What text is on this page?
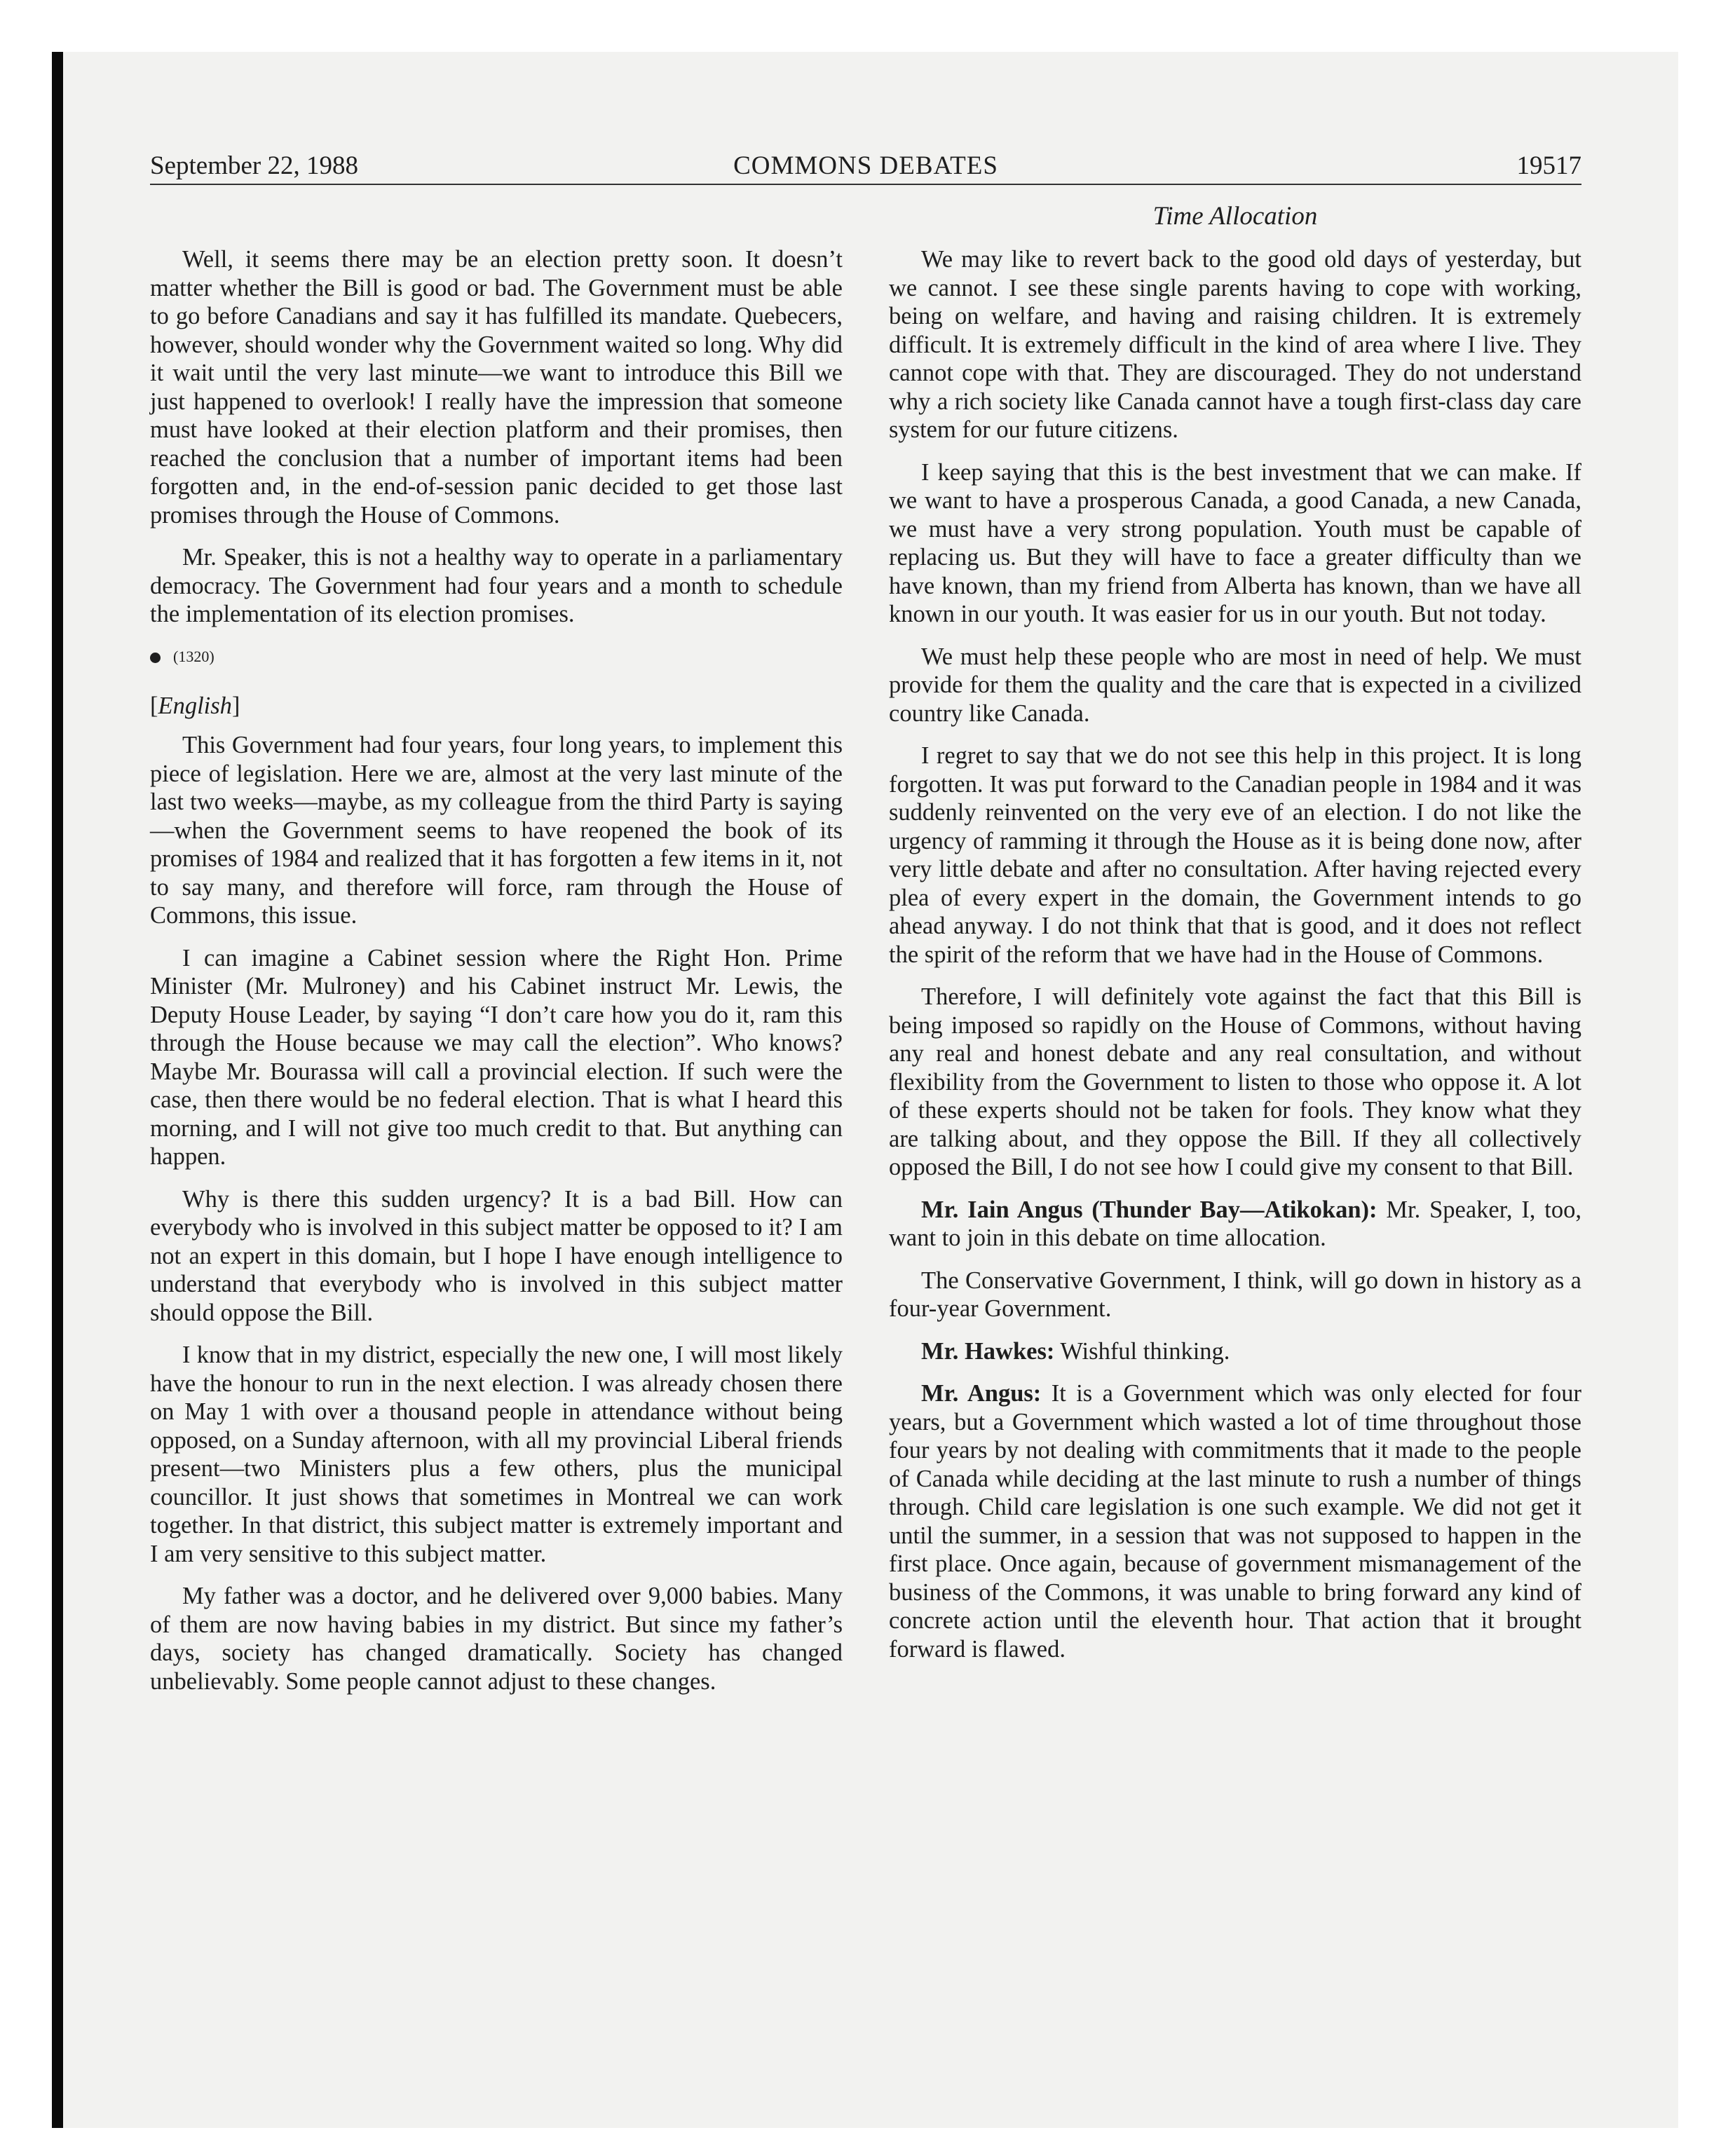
September 22, 1988	COMMONS DEBATES	19517
Time Allocation

Well, it seems there may be an election pretty soon. It doesn’t matter whether the Bill is good or bad. The Government must be able to go before Canadians and say it has fulfilled its mandate. Quebecers, however, should wonder why the Government waited so long. Why did it wait until the very last minute—we want to introduce this Bill we just happened to overlook! I really have the impression that someone must have looked at their election platform and their promises, then reached the conclusion that a number of important items had been forgotten and, in the end-of-session panic decided to get those last promises through the House of Commons.

Mr. Speaker, this is not a healthy way to operate in a parliamentary democracy. The Government had four years and a month to schedule the implementation of its election promises.

(1320)

[English]

This Government had four years, four long years, to implement this piece of legislation. Here we are, almost at the very last minute of the last two weeks—maybe, as my colleague from the third Party is saying—when the Government seems to have reopened the book of its promises of 1984 and realized that it has forgotten a few items in it, not to say many, and therefore will force, ram through the House of Commons, this issue.

I can imagine a Cabinet session where the Right Hon. Prime Minister (Mr. Mulroney) and his Cabinet instruct Mr. Lewis, the Deputy House Leader, by saying “I don’t care how you do it, ram this through the House because we may call the election”. Who knows? Maybe Mr. Bourassa will call a provincial election. If such were the case, then there would be no federal election. That is what I heard this morning, and I will not give too much credit to that. But anything can happen.

Why is there this sudden urgency? It is a bad Bill. How can everybody who is involved in this subject matter be opposed to it? I am not an expert in this domain, but I hope I have enough intelligence to understand that everybody who is involved in this subject matter should oppose the Bill.

I know that in my district, especially the new one, I will most likely have the honour to run in the next election. I was already chosen there on May 1 with over a thousand people in attendance without being opposed, on a Sunday afternoon, with all my provincial Liberal friends present—two Ministers plus a few others, plus the municipal councillor. It just shows that sometimes in Montreal we can work together. In that district, this subject matter is extremely important and I am very sensitive to this subject matter.

My father was a doctor, and he delivered over 9,000 babies. Many of them are now having babies in my district. But since my father’s days, society has changed dramatically. Society has changed unbelievably. Some people cannot adjust to these changes.

We may like to revert back to the good old days of yesterday, but we cannot. I see these single parents having to cope with working, being on welfare, and having and raising children. It is extremely difficult. It is extremely difficult in the kind of area where I live. They cannot cope with that. They are discouraged. They do not understand why a rich society like Canada cannot have a tough first-class day care system for our future citizens.

I keep saying that this is the best investment that we can make. If we want to have a prosperous Canada, a good Canada, a new Canada, we must have a very strong population. Youth must be capable of replacing us. But they will have to face a greater difficulty than we have known, than my friend from Alberta has known, than we have all known in our youth. It was easier for us in our youth. But not today.

We must help these people who are most in need of help. We must provide for them the quality and the care that is expected in a civilized country like Canada.

I regret to say that we do not see this help in this project. It is long forgotten. It was put forward to the Canadian people in 1984 and it was suddenly reinvented on the very eve of an election. I do not like the urgency of ramming it through the House as it is being done now, after very little debate and after no consultation. After having rejected every plea of every expert in the domain, the Government intends to go ahead anyway. I do not think that that is good, and it does not reflect the spirit of the reform that we have had in the House of Commons.

Therefore, I will definitely vote against the fact that this Bill is being imposed so rapidly on the House of Commons, without having any real and honest debate and any real consultation, and without flexibility from the Government to listen to those who oppose it. A lot of these experts should not be taken for fools. They know what they are talking about, and they oppose the Bill. If they all collectively opposed the Bill, I do not see how I could give my consent to that Bill.

Mr. Iain Angus (Thunder Bay—Atikokan): Mr. Speaker, I, too, want to join in this debate on time allocation.

The Conservative Government, I think, will go down in history as a four-year Government.

Mr. Hawkes: Wishful thinking.

Mr. Angus: It is a Government which was only elected for four years, but a Government which wasted a lot of time throughout those four years by not dealing with commitments that it made to the people of Canada while deciding at the last minute to rush a number of things through. Child care legislation is one such example. We did not get it until the summer, in a session that was not supposed to happen in the first place. Once again, because of government mismanagement of the business of the Commons, it was unable to bring forward any kind of concrete action until the eleventh hour. That action that it brought forward is flawed.
